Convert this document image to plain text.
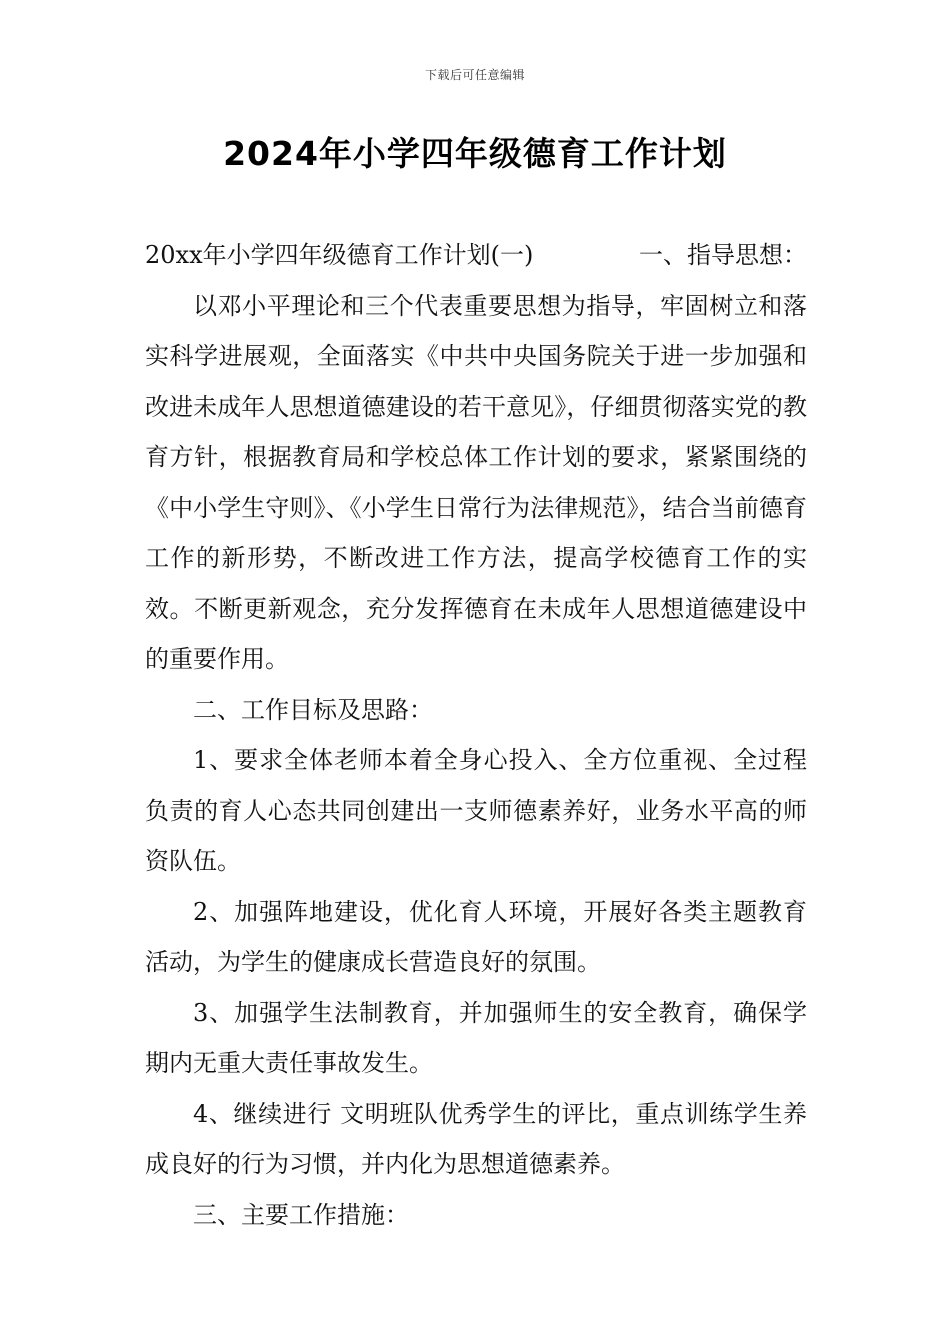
下载后可任意编辑
2024年小学四年级德育工作计划

20xx年小学四年级德育工作计划(一)	一、指导思想：

以邓小平理论和三个代表重要思想为指导，牢固树立和落实科学进展观，全面落实《中共中央国务院关于进一步加强和改进未成年人思想道德建设的若干意见》，仔细贯彻落实党的教育方针，根据教育局和学校总体工作计划的要求，紧紧围绕的《中小学生守则》、《小学生日常行为法律规范》，结合当前德育工作的新形势，不断改进工作方法，提高学校德育工作的实效。不断更新观念，充分发挥德育在未成年人思想道德建设中的重要作用。

二、工作目标及思路：

1、要求全体老师本着全身心投入、全方位重视、全过程负责的育人心态共同创建出一支师德素养好，业务水平高的师资队伍。

2、加强阵地建设，优化育人环境，开展好各类主题教育活动，为学生的健康成长营造良好的氛围。

3、加强学生法制教育，并加强师生的安全教育，确保学期内无重大责任事故发生。

4、继续进行 文明班队优秀学生的评比，重点训练学生养成良好的行为习惯，并内化为思想道德素养。

三、主要工作措施：
